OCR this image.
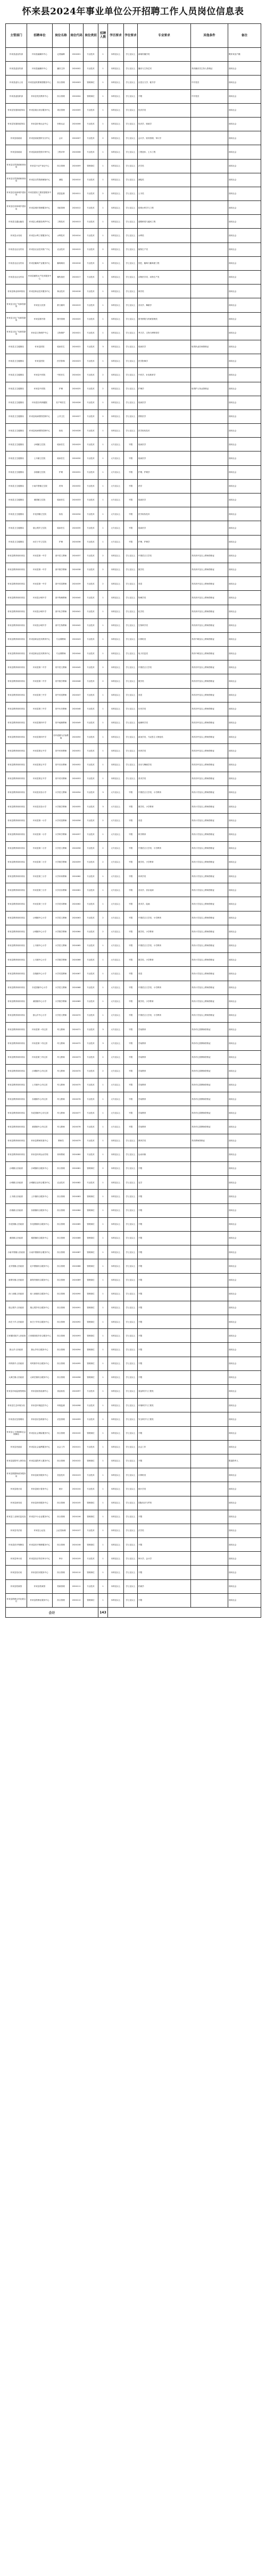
怀来县2024年事业单位公开招聘工作人员岗位信息表
主管部门	招聘单位	岗位名称	岗位代码	岗位类别	招聘人数	学历要求	学位要求	专业要求	其他条件	备注
怀来县委宣传部	怀来县融媒体中心	记者编辑	2024001	专业技术	1	本科及以上	学士及以上	新闻传播学类		限怀来县户籍
怀来县委宣传部	怀来县融媒体中心	播音主持	2024002	专业技术	1	本科及以上	学士及以上	播音与主持艺术	具有播音员主持人资格证	面向社会
怀来县委办公室	怀来县委机要保密服务中心	综合管理	2024003	管理岗位	1	本科及以上	学士及以上	汉语言文学、秘书学	中共党员	面向社会
怀来县委组织部	怀来县党员教育中心	综合管理	2024004	管理岗位	1	本科及以上	学士及以上	不限	中共党员	面向社会
怀来县发展和改革局	怀来县重点项目服务中心	项目管理	2024005	专业技术	1	本科及以上	学士及以上	经济学类		面向社会
怀来县发展和改革局	怀来县价格认证中心	价格认证	2024006	专业技术	1	本科及以上	学士及以上	经济学、财政学		面向社会
怀来县财政局	怀来县财政国库支付中心	会计	2024007	专业技术	2	本科及以上	学士及以上	会计学、财务管理、审计学		面向社会
怀来县财政局	怀来县政府投资评审中心	工程评审	2024008	专业技术	1	本科及以上	学士及以上	工程造价、土木工程		面向社会
怀来县自然资源和规划局	怀来县不动产登记中心	综合管理	2024009	管理岗位	1	本科及以上	学士及以上	法学类		面向社会
怀来县自然资源和规划局	怀来县自然资源储备中心	测绘	2024010	专业技术	1	本科及以上	学士及以上	测绘类		面向社会
怀来县住房和城乡建设局	怀来县建设工程质量服务中心	质量监督	2024011	专业技术	2	本科及以上	学士及以上	土木类		面向社会
怀来县住房和城乡建设局	怀来县城市管理服务中心	市政管理	2024012	专业技术	1	本科及以上	学士及以上	给排水科学与工程		面向社会
怀来县交通运输局	怀来县公路建设养护中心	工程技术	2024013	专业技术	1	本科及以上	学士及以上	道路桥梁与渡河工程		面向社会
怀来县水务局	怀来县水利工程服务中心	水利技术	2024014	专业技术	1	本科及以上	学士及以上	水利类		面向社会
怀来县农业农村局	怀来县农业技术推广中心	农业技术	2024015	专业技术	2	本科及以上	学士及以上	植物生产类		面向社会
怀来县农业农村局	怀来县葡萄产业服务中心	葡萄栽培	2024016	专业技术	1	本科及以上	学士及以上	园艺、葡萄与葡萄酒工程		面向社会
怀来县农业农村局	怀来县畜牧水产技术服务中心	畜牧兽医	2024017	专业技术	1	本科及以上	学士及以上	动物医学类、动物生产类		面向社会
怀来县林业和草原局	怀来县林业技术服务中心	林业技术	2024018	专业技术	1	本科及以上	学士及以上	林学类		面向社会
怀来县文化广电和旅游局	怀来县文化馆	群文辅导	2024019	专业技术	1	本科及以上	学士及以上	音乐学、舞蹈学		面向社会
怀来县文化广电和旅游局	怀来县图书馆	图书管理	2024020	专业技术	1	本科及以上	学士及以上	图书情报与档案管理类		面向社会
怀来县文化广电和旅游局	怀来县文物保护中心	文物保护	2024021	专业技术	1	本科及以上	学士及以上	考古学、文物与博物馆学		面向社会
怀来县卫生健康局	怀来县医院	临床医生	2024022	专业技术	3	本科及以上	学士及以上	临床医学	取得执业医师资格证	面向社会
怀来县卫生健康局	怀来县医院	医学影像	2024023	专业技术	1	本科及以上	学士及以上	医学影像学		面向社会
怀来县卫生健康局	怀来县中医院	中医医生	2024024	专业技术	2	本科及以上	学士及以上	中医学、针灸推拿学		面向社会
怀来县卫生健康局	怀来县中医院	护理	2024025	专业技术	2	本科及以上	学士及以上	护理学	取得护士执业资格证	面向社会
怀来县卫生健康局	怀来县妇幼保健院	妇产科医生	2024026	专业技术	1	本科及以上	学士及以上	临床医学		面向社会
怀来县卫生健康局	怀来县疾病预防控制中心	公共卫生	2024027	专业技术	2	本科及以上	学士及以上	预防医学		面向社会
怀来县卫生健康局	怀来县疾病预防控制中心	检验	2024028	专业技术	1	本科及以上	学士及以上	医学检验技术		面向社会
怀来县卫生健康局	沙城镇卫生院	临床医生	2024029	专业技术	1	大专及以上	不限	临床医学		面向社会
怀来县卫生健康局	土木镇卫生院	临床医生	2024030	专业技术	1	大专及以上	不限	临床医学		面向社会
怀来县卫生健康局	存瑞镇卫生院	护理	2024031	专业技术	1	大专及以上	不限	护理、护理学		面向社会
怀来县卫生健康局	小南辛堡镇卫生院	药剂	2024032	专业技术	1	大专及以上	不限	药学		面向社会
怀来县卫生健康局	桑园镇卫生院	临床医生	2024033	专业技术	1	大专及以上	不限	临床医学		面向社会
怀来县卫生健康局	东花园镇卫生院	检验	2024034	专业技术	1	大专及以上	不限	医学检验技术		面向社会
怀来县卫生健康局	瑞云观乡卫生院	临床医生	2024035	专业技术	1	大专及以上	不限	临床医学		面向社会
怀来县卫生健康局	孙庄子乡卫生院	护理	2024036	专业技术	1	大专及以上	不限	护理、护理学		面向社会
怀来县教育和体育局	怀来县第一中学	高中语文教师	2024037	专业技术	2	本科及以上	学士及以上	中国语言文学类	具有高中及以上教师资格证	面向社会
怀来县教育和体育局	怀来县第一中学	高中数学教师	2024038	专业技术	2	本科及以上	学士及以上	数学类	具有高中及以上教师资格证	面向社会
怀来县教育和体育局	怀来县第一中学	高中英语教师	2024039	专业技术	2	本科及以上	学士及以上	英语	具有高中及以上教师资格证	面向社会
怀来县教育和体育局	怀来县沙城中学	高中物理教师	2024040	专业技术	1	本科及以上	学士及以上	物理学类	具有高中及以上教师资格证	面向社会
怀来县教育和体育局	怀来县沙城中学	高中化学教师	2024041	专业技术	1	本科及以上	学士及以上	化学类	具有高中及以上教师资格证	面向社会
怀来县教育和体育局	怀来县沙城中学	高中生物教师	2024042	专业技术	1	本科及以上	学士及以上	生物科学类	具有高中及以上教师资格证	面向社会
怀来县教育和体育局	怀来县职业技术教育中心	专业课教师	2024043	专业技术	1	本科及以上	学士及以上	计算机类	具有中职及以上教师资格证	面向社会
怀来县教育和体育局	怀来县职业技术教育中心	专业课教师	2024044	专业技术	1	本科及以上	学士及以上	电子信息类	具有中职及以上教师资格证	面向社会
怀来县教育和体育局	怀来县第二中学	初中语文教师	2024045	专业技术	2	本科及以上	学士及以上	中国语言文学类	具有初中及以上教师资格证	面向社会
怀来县教育和体育局	怀来县第二中学	初中数学教师	2024046	专业技术	2	本科及以上	学士及以上	数学类	具有初中及以上教师资格证	面向社会
怀来县教育和体育局	怀来县第三中学	初中英语教师	2024047	专业技术	1	本科及以上	学士及以上	英语	具有初中及以上教师资格证	面向社会
怀来县教育和体育局	怀来县第三中学	初中历史教师	2024048	专业技术	1	本科及以上	学士及以上	历史学类	具有初中及以上教师资格证	面向社会
怀来县教育和体育局	怀来县第四中学	初中地理教师	2024049	专业技术	1	本科及以上	学士及以上	地理科学类	具有初中及以上教师资格证	面向社会
怀来县教育和体育局	怀来县第四中学	初中道德与法治教师	2024050	专业技术	1	本科及以上	学士及以上	政治学类、马克思主义理论类	具有初中及以上教师资格证	面向社会
怀来县教育和体育局	怀来县第五中学	初中体育教师	2024051	专业技术	1	本科及以上	学士及以上	体育学类	具有初中及以上教师资格证	面向社会
怀来县教育和体育局	怀来县第五中学	初中音乐教师	2024052	专业技术	1	本科及以上	学士及以上	音乐与舞蹈学类	具有初中及以上教师资格证	面向社会
怀来县教育和体育局	怀来县第五中学	初中美术教师	2024053	专业技术	1	本科及以上	学士及以上	美术学类	具有初中及以上教师资格证	面向社会
怀来县教育和体育局	怀来县实验小学	小学语文教师	2024054	专业技术	3	大专及以上	不限	中国语言文学类、小学教育	具有小学及以上教师资格证	面向社会
怀来县教育和体育局	怀来县实验小学	小学数学教师	2024055	专业技术	3	大专及以上	不限	数学类、小学教育	具有小学及以上教师资格证	面向社会
怀来县教育和体育局	怀来县第一小学	小学英语教师	2024056	专业技术	2	大专及以上	不限	英语	具有小学及以上教师资格证	面向社会
怀来县教育和体育局	怀来县第一小学	小学科学教师	2024057	专业技术	1	大专及以上	不限	科学教育	具有小学及以上教师资格证	面向社会
怀来县教育和体育局	怀来县第二小学	小学语文教师	2024058	专业技术	2	大专及以上	不限	中国语言文学类、小学教育	具有小学及以上教师资格证	面向社会
怀来县教育和体育局	怀来县第二小学	小学数学教师	2024059	专业技术	2	大专及以上	不限	数学类、小学教育	具有小学及以上教师资格证	面向社会
怀来县教育和体育局	怀来县第三小学	小学体育教师	2024060	专业技术	1	大专及以上	不限	体育学类	具有小学及以上教师资格证	面向社会
怀来县教育和体育局	怀来县第三小学	小学音乐教师	2024061	专业技术	1	大专及以上	不限	音乐学、音乐表演	具有小学及以上教师资格证	面向社会
怀来县教育和体育局	怀来县第三小学	小学美术教师	2024062	专业技术	1	大专及以上	不限	美术学、绘画	具有小学及以上教师资格证	面向社会
怀来县教育和体育局	沙城镇中心小学	小学语文教师	2024063	专业技术	2	大专及以上	不限	中国语言文学类、小学教育	具有小学及以上教师资格证	面向社会
怀来县教育和体育局	沙城镇中心小学	小学数学教师	2024064	专业技术	2	大专及以上	不限	数学类、小学教育	具有小学及以上教师资格证	面向社会
怀来县教育和体育局	土木镇中心小学	小学语文教师	2024065	专业技术	1	大专及以上	不限	中国语言文学类、小学教育	具有小学及以上教师资格证	面向社会
怀来县教育和体育局	土木镇中心小学	小学数学教师	2024066	专业技术	1	大专及以上	不限	数学类、小学教育	具有小学及以上教师资格证	面向社会
怀来县教育和体育局	存瑞镇中心小学	小学英语教师	2024067	专业技术	1	大专及以上	不限	英语	具有小学及以上教师资格证	面向社会
怀来县教育和体育局	东花园镇中心小学	小学语文教师	2024068	专业技术	1	大专及以上	不限	中国语言文学类、小学教育	具有小学及以上教师资格证	面向社会
怀来县教育和体育局	桑园镇中心小学	小学数学教师	2024069	专业技术	1	大专及以上	不限	数学类、小学教育	具有小学及以上教师资格证	面向社会
怀来县教育和体育局	狼山乡中心小学	小学语文教师	2024070	专业技术	1	大专及以上	不限	中国语言文学类、小学教育	具有小学及以上教师资格证	面向社会
怀来县教育和体育局	怀来县第一幼儿园	幼儿教师	2024071	专业技术	3	大专及以上	不限	学前教育	具有幼儿园教师资格证	面向社会
怀来县教育和体育局	怀来县第二幼儿园	幼儿教师	2024072	专业技术	3	大专及以上	不限	学前教育	具有幼儿园教师资格证	面向社会
怀来县教育和体育局	怀来县第三幼儿园	幼儿教师	2024073	专业技术	2	大专及以上	不限	学前教育	具有幼儿园教师资格证	面向社会
怀来县教育和体育局	沙城镇中心幼儿园	幼儿教师	2024074	专业技术	2	大专及以上	不限	学前教育	具有幼儿园教师资格证	面向社会
怀来县教育和体育局	土木镇中心幼儿园	幼儿教师	2024075	专业技术	1	大专及以上	不限	学前教育	具有幼儿园教师资格证	面向社会
怀来县教育和体育局	存瑞镇中心幼儿园	幼儿教师	2024076	专业技术	1	大专及以上	不限	学前教育	具有幼儿园教师资格证	面向社会
怀来县教育和体育局	东花园镇中心幼儿园	幼儿教师	2024077	专业技术	1	大专及以上	不限	学前教育	具有幼儿园教师资格证	面向社会
怀来县教育和体育局	桑园镇中心幼儿园	幼儿教师	2024078	专业技术	1	大专及以上	不限	学前教育	具有幼儿园教师资格证	面向社会
怀来县教育和体育局	怀来县教师发展中心	教研员	2024079	专业技术	1	本科及以上	学士及以上	教育学类	具有教师资格证	面向社会
怀来县教育和体育局	怀来县体育运动学校	体育教练	2024080	专业技术	1	本科及以上	学士及以上	运动训练		面向社会
沙城镇人民政府	沙城镇综合服务中心	综合管理	2024081	管理岗位	2	本科及以上	学士及以上	不限		面向社会
沙城镇人民政府	沙城镇农业综合服务中心	农业技术	2024082	专业技术	1	本科及以上	学士及以上	农学		面向社会
土木镇人民政府	土木镇综合服务中心	综合管理	2024083	管理岗位	1	本科及以上	学士及以上	不限		面向社会
存瑞镇人民政府	存瑞镇综合服务中心	综合管理	2024084	管理岗位	1	本科及以上	学士及以上	不限		面向社会
东花园镇人民政府	东花园镇综合服务中心	综合管理	2024085	管理岗位	1	本科及以上	学士及以上	不限		面向社会
桑园镇人民政府	桑园镇综合服务中心	综合管理	2024086	管理岗位	1	本科及以上	学士及以上	不限		面向社会
小南辛堡镇人民政府	小南辛堡镇综合服务中心	综合管理	2024087	管理岗位	1	本科及以上	学士及以上	不限		面向社会
北辛堡镇人民政府	北辛堡镇综合服务中心	综合管理	2024088	管理岗位	1	本科及以上	学士及以上	不限		面向社会
新保安镇人民政府	新保安镇综合服务中心	综合管理	2024089	管理岗位	1	本科及以上	学士及以上	不限		面向社会
西八里镇人民政府	西八里镇综合服务中心	综合管理	2024090	管理岗位	1	本科及以上	学士及以上	不限		面向社会
瑞云观乡人民政府	瑞云观乡综合服务中心	综合管理	2024091	管理岗位	1	本科及以上	学士及以上	不限		面向社会
孙庄子乡人民政府	孙庄子乡综合服务中心	综合管理	2024092	管理岗位	1	本科及以上	学士及以上	不限		面向社会
王家楼回族乡人民政府	王家楼回族乡综合服务中心	综合管理	2024093	管理岗位	1	本科及以上	学士及以上	不限		面向社会
狼山乡人民政府	狼山乡综合服务中心	综合管理	2024094	管理岗位	1	本科及以上	学士及以上	不限		面向社会
鸡鸣驿乡人民政府	鸡鸣驿乡综合服务中心	综合管理	2024095	管理岗位	1	本科及以上	学士及以上	不限		面向社会
大黄庄镇人民政府	大黄庄镇综合服务中心	综合管理	2024096	管理岗位	1	本科及以上	学士及以上	不限		面向社会
怀来县市场监督管理局	怀来县检验检测中心	食品检验	2024097	专业技术	1	本科及以上	学士及以上	食品科学与工程类		面向社会
怀来县生态环境分局	怀来县环境监控中心	环境监测	2024098	专业技术	1	本科及以上	学士及以上	环境科学与工程类		面向社会
怀来县应急管理局	怀来县应急救援中心	应急管理	2024099	专业技术	1	本科及以上	学士及以上	安全科学与工程类		面向社会
怀来县人力资源和社会保障局	怀来县社会保险服务中心	综合管理	2024100	管理岗位	1	本科及以上	学士及以上	不限		面向社会
怀来县民政局	怀来县社会福利服务中心	社会工作	2024101	专业技术	1	本科及以上	学士及以上	社会工作		面向社会
怀来县退役军人事务局	怀来县退役军人服务中心	综合管理	2024102	管理岗位	1	本科及以上	学士及以上	不限		限退役军人
怀来县数据和政务服务局	怀来县政务服务中心	信息技术	2024103	专业技术	1	本科及以上	学士及以上	计算机类		面向社会
怀来县统计局	怀来县统计普查中心	统计	2024104	专业技术	1	本科及以上	学士及以上	统计学类		面向社会
怀来县商务局	怀来县商务服务中心	综合管理	2024105	管理岗位	1	本科及以上	学士及以上	国际经济与贸易		面向社会
怀来县工业和信息化局	怀来县中小企业服务中心	综合管理	2024106	管理岗位	1	本科及以上	学士及以上	不限		面向社会
怀来县司法局	怀来县公证处	公证员助理	2024107	专业技术	1	本科及以上	学士及以上	法学类		面向社会
怀来县医疗保障局	怀来县医疗保障服务中心	综合管理	2024108	管理岗位	1	本科及以上	学士及以上	不限		面向社会
怀来县审计局	怀来县经济责任审计中心	审计	2024109	专业技术	1	本科及以上	学士及以上	审计学、会计学		面向社会
怀来县信访局	怀来县信访服务中心	综合管理	2024110	管理岗位	1	本科及以上	学士及以上	不限		面向社会
怀来县档案馆	怀来县档案馆	档案管理	2024111	专业技术	1	本科及以上	学士及以上	档案学		面向社会
怀来县供销合作社联合社	怀来县供销社服务中心	综合管理	2024112	管理岗位	1	本科及以上	学士及以上	不限		面向社会
合计					143					
